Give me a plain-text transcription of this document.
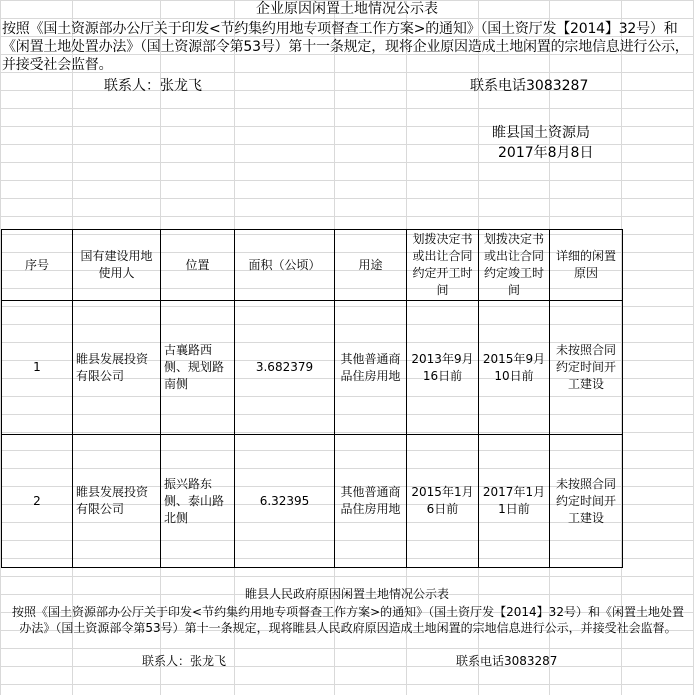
企业原因闲置土地情况公示表
按照《国土资源部办公厅关于印发<节约集约用地专项督查工作方案>的通知》（国土资厅发【2014】32号）和《闲置土地处置办法》（国土资源部令第53号）第十一条规定，现将企业原因造成土地闲置的宗地信息进行公示，并接受社会监督。
联系人：张龙飞	联系电话3083287
睢县国土资源局
2017年8月8日
序号	国有建设用地使用人	位置	面积（公顷）	用途	划拨决定书或出让合同约定开工时间	划拨决定书或出让合同约定竣工时间	详细的闲置原因
1	睢县发展投资有限公司	古襄路西侧、规划路南侧	3.682379	其他普通商品住房用地	2013年9月16日前	2015年9月10日前	未按照合同约定时间开工建设
2	睢县发展投资有限公司	振兴路东侧、泰山路北侧	6.32395	其他普通商品住房用地	2015年1月6日前	2017年1月1日前	未按照合同约定时间开工建设
睢县人民政府原因闲置土地情况公示表
按照《国土资源部办公厅关于印发<节约集约用地专项督查工作方案>的通知》（国土资厅发【2014】32号）和《闲置土地处置办法》（国土资源部令第53号）第十一条规定，现将睢县人民政府原因造成土地闲置的宗地信息进行公示，并接受社会监督。
联系人：张龙飞	联系电话3083287
